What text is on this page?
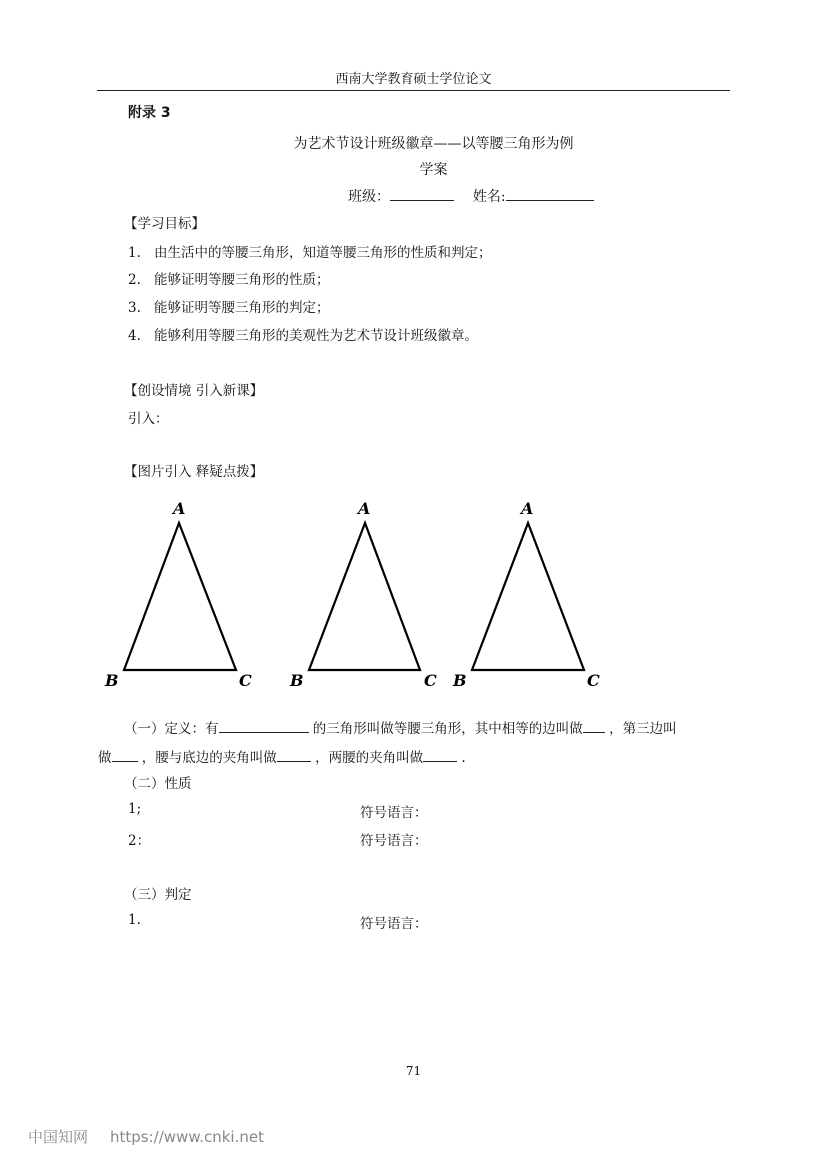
西南大学教育硕士学位论文
附录 3
为艺术节设计班级徽章——以等腰三角形为例
学案
班级：	姓名:
【学习目标】
1. 由生活中的等腰三角形，知道等腰三角形的性质和判定；
2. 能够证明等腰三角形的性质；
3. 能够证明等腰三角形的判定；
4. 能够利用等腰三角形的美观性为艺术节设计班级徽章。
【创设情境 引入新课】
引入：
【图片引入 释疑点拨】
A
B	C
A
B	C
A
B	C
（一）定义：有	的三角形叫做等腰三角形，其中相等的边叫做 ，第三边叫
做 ，腰与底边的夹角叫做	，两腰的夹角叫做	.
（二）性质
1;	符号语言：
2：	符号语言：
（三）判定
1.	符号语言：
71
中国知网 https://www.cnki.net
